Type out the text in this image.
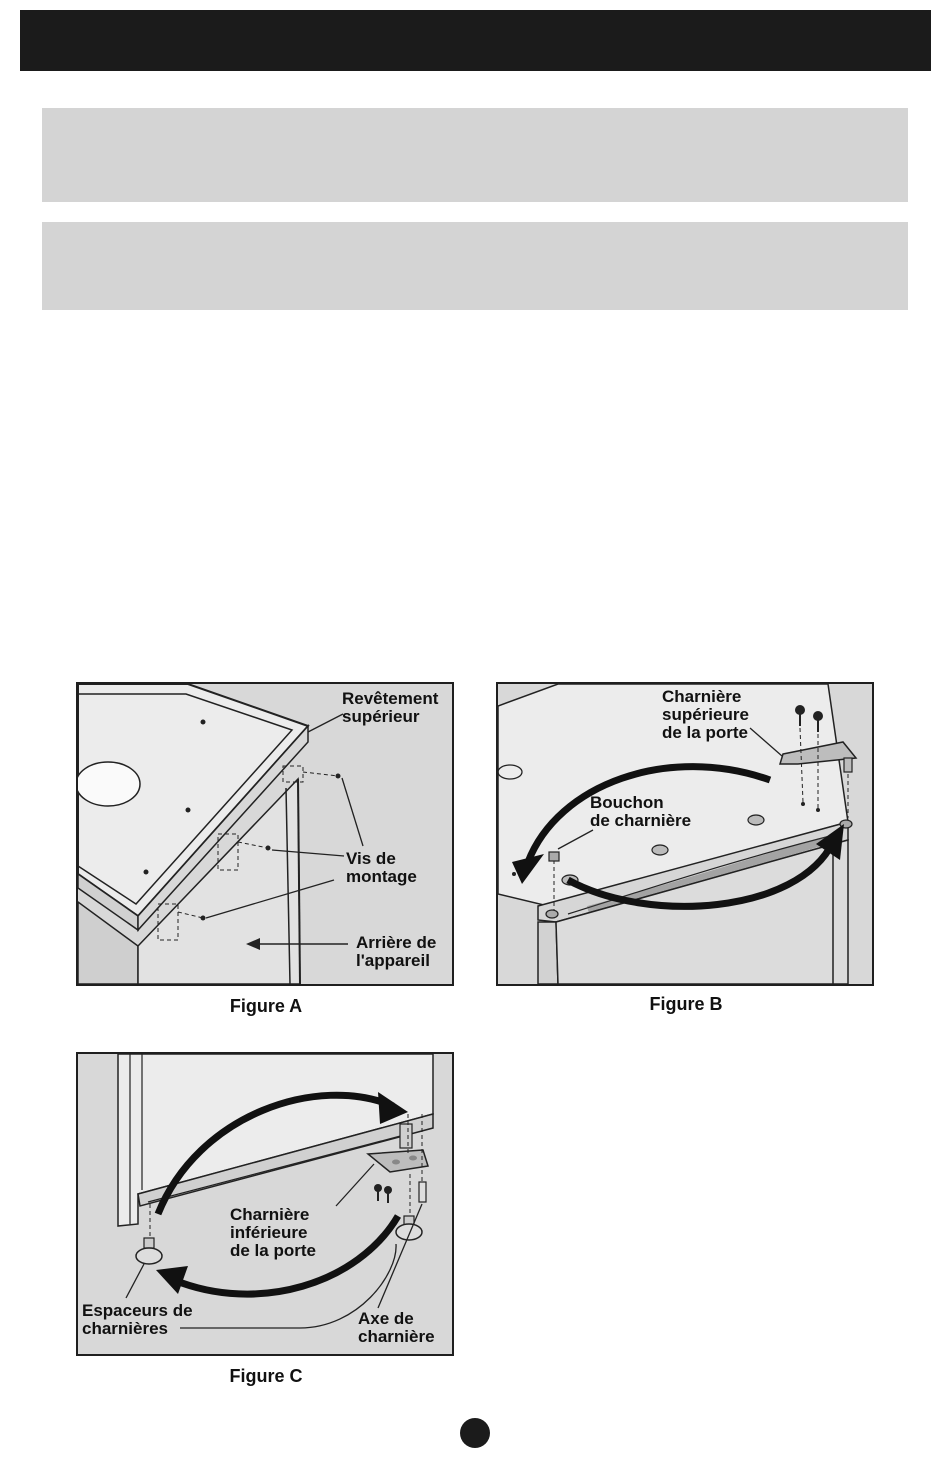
Revêtement
supérieur
Vis de
montage
Arrière de
l'appareil
Figure A
Charnière
supérieure
de la porte
Bouchon
de charnière
Figure B
Charnière
inférieure
de la porte
Espaceurs de
charnières
Axe de
charnière
Figure C
